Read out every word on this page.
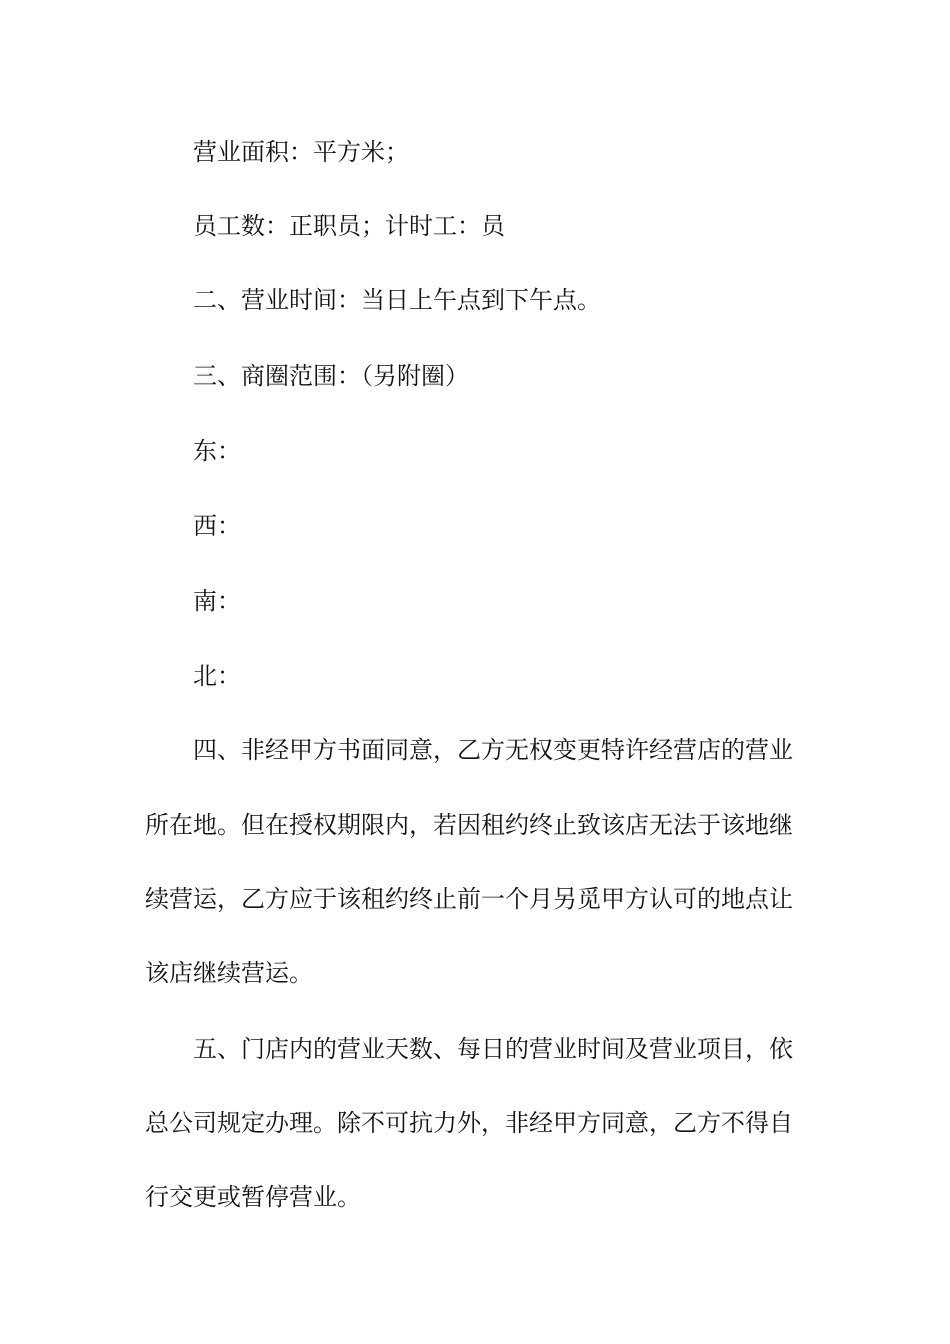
营业面积：平方米；

员工数：正职员；计时工：员

二、营业时间：当日上午点到下午点。

三、商圈范围：（另附圈）

东：

西：

南：

北：

四、非经甲方书面同意，乙方无权变更特许经营店的营业

所在地。但在授权期限内，若因租约终止致该店无法于该地继

续营运，乙方应于该租约终止前一个月另觅甲方认可的地点让

该店继续营运。

五、门店内的营业天数、每日的营业时间及营业项目，依

总公司规定办理。除不可抗力外，非经甲方同意，乙方不得自

行交更或暂停营业。
